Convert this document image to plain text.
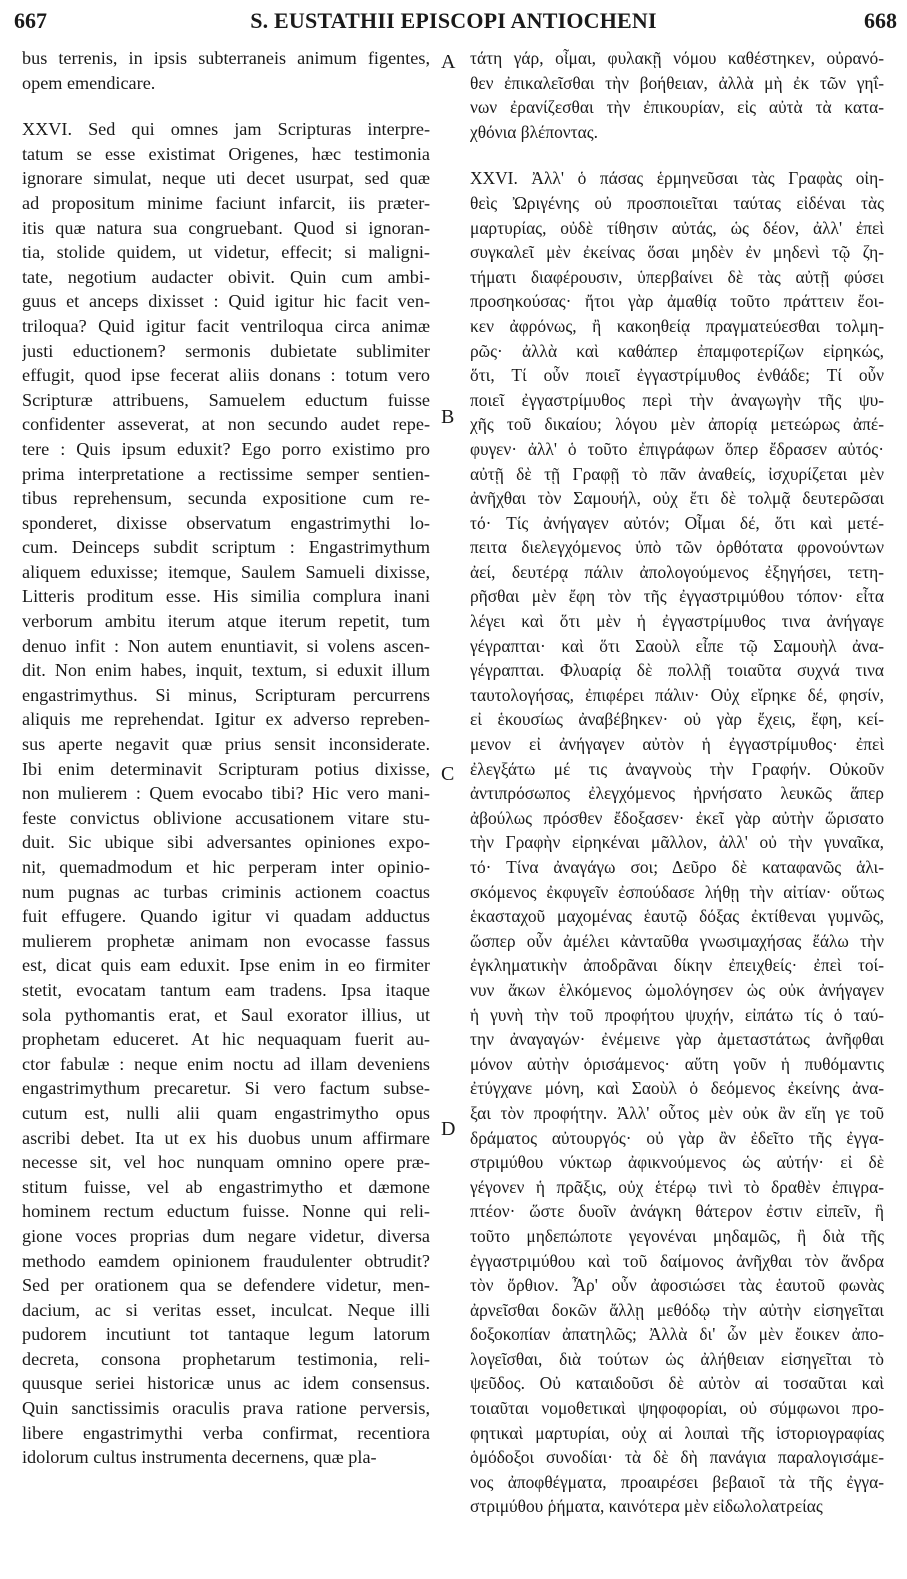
667	S. EUSTATHII EPISCOPI ANTIOCHENI	668

bus terrenis, in ipsis subterraneis animum figentes,
opem emendicare.

XXVI. Sed qui omnes jam Scripturas interpre-
tatum se esse existimat Origenes, hæc testimonia
ignorare simulat, neque uti decet usurpat, sed quæ
ad propositum minime faciunt infarcit, iis præter-
itis quæ natura sua congruebant. Quod si ignoran-
tia, stolide quidem, ut videtur, effecit; si maligni-
tate, negotium audacter obivit. Quin cum ambi-
guus et anceps dixisset : Quid igitur hic facit ven-
triloqua? Quid igitur facit ventriloqua circa animæ
justi eductionem? sermonis dubietate sublimiter
effugit, quod ipse fecerat aliis donans : totum vero
Scripturæ attribuens, Samuelem eductum fuisse
confidenter asseverat, at non secundo audet repe-
tere : Quis ipsum eduxit? Ego porro existimo pro
prima interpretatione a rectissime semper sentien-
tibus reprehensum, secunda expositione cum re-
sponderet, dixisse observatum engastrimythi lo-
cum. Deinceps subdit scriptum : Engastrimythum
aliquem eduxisse; itemque, Saulem Samueli dixisse,
Litteris proditum esse. His similia complura inani
verborum ambitu iterum atque iterum repetit, tum
denuo infit : Non autem enuntiavit, si volens ascen-
dit. Non enim habes, inquit, textum, si eduxit illum
engastrimythus. Si minus, Scripturam percurrens
aliquis me reprehendat. Igitur ex adverso repreben-
sus aperte negavit quæ prius sensit inconsiderate.
Ibi enim determinavit Scripturam potius dixisse,
non mulierem : Quem evocabo tibi? Hic vero mani-
feste convictus oblivione accusationem vitare stu-
duit. Sic ubique sibi adversantes opiniones expo-
nit, quemadmodum et hic perperam inter opinio-
num pugnas ac turbas criminis actionem coactus
fuit effugere. Quando igitur vi quadam adductus
mulierem prophetæ animam non evocasse fassus
est, dicat quis eam eduxit. Ipse enim in eo firmiter
stetit, evocatam tantum eam tradens. Ipsa itaque
sola pythomantis erat, et Saul exorator illius, ut
prophetam educeret. At hic nequaquam fuerit au-
ctor fabulæ : neque enim noctu ad illam deveniens
engastrimythum precaretur. Si vero factum subse-
cutum est, nulli alii quam engastrimytho opus
ascribi debet. Ita ut ex his duobus unum affirmare
necesse sit, vel hoc nunquam omnino opere præ-
stitum fuisse, vel ab engastrimytho et dæmone
hominem rectum eductum fuisse. Nonne qui reli-
gione voces proprias dum negare videtur, diversa
methodo eamdem opinionem fraudulenter obtrudit?
Sed per orationem qua se defendere videtur, men-
dacium, ac si veritas esset, inculcat. Neque illi
pudorem incutiunt tot tantaque legum latorum
decreta, consona prophetarum testimonia, reli-
quusque seriei historicæ unus ac idem consensus.
Quin sanctissimis oraculis prava ratione perversis,
libere engastrimythi verba confirmat, recentiora
idolorum cultus instrumenta decernens, quæ pla-

τάτη γάρ, οἶμαι, φυλακῇ νόμου καθέστηκεν, οὐρανό-
θεν ἐπικαλεῖσθαι τὴν βοήθειαν, ἀλλὰ μὴ ἐκ τῶν γηΐ-
νων ἐρανίζεσθαι τὴν ἐπικουρίαν, εἰς αὐτὰ τὰ κατα-
χθόνια βλέποντας.

XXVI. Ἀλλ' ὁ πάσας ἑρμηνεῦσαι τὰς Γραφὰς οἰη-
θεὶς Ὠριγένης οὐ προσποιεῖται ταύτας εἰδέναι τὰς
μαρτυρίας, οὐδὲ τίθησιν αὐτάς, ὡς δέον, ἀλλ' ἐπεὶ
συγκαλεῖ μὲν ἐκείνας ὅσαι μηδὲν ἐν μηδενὶ τῷ ζη-
τήματι διαφέρουσιν, ὑπερβαίνει δὲ τὰς αὐτῇ φύσει
προσηκούσας· ἤτοι γὰρ ἀμαθίᾳ τοῦτο πράττειν ἔοι-
κεν ἀφρόνως, ἢ κακοηθείᾳ πραγματεύεσθαι τολμη-
ρῶς· ἀλλὰ καὶ καθάπερ ἐπαμφοτερίζων εἰρηκώς,
ὅτι, Τί οὖν ποιεῖ ἐγγαστρίμυθος ἐνθάδε; Τί οὖν
ποιεῖ ἐγγαστρίμυθος περὶ τὴν ἀναγωγὴν τῆς ψυ-
χῆς τοῦ δικαίου; λόγου μὲν ἀπορίᾳ μετεώρως ἀπέ-
φυγεν· ἀλλ' ὁ τοῦτο ἐπιγράφων ὅπερ ἔδρασεν αὐτός·
αὐτῇ δὲ τῇ Γραφῇ τὸ πᾶν ἀναθείς, ἰσχυρίζεται μὲν
ἀνῆχθαι τὸν Σαμουήλ, οὐχ ἔτι δὲ τολμᾷ δευτερῶσαι
τό· Τίς ἀνήγαγεν αὐτόν; Οἶμαι δέ, ὅτι καὶ μετέ-
πειτα διελεγχόμενος ὑπὸ τῶν ὀρθότατα φρονούντων
ἀεί, δευτέρᾳ πάλιν ἀπολογούμενος ἐξηγήσει, τετη-
ρῆσθαι μὲν ἔφη τὸν τῆς ἐγγαστριμύθου τόπον· εἶτα
λέγει καὶ ὅτι μὲν ἡ ἐγγαστρίμυθος τινα ἀνήγαγε
γέγραπται· καὶ ὅτι Σαοὺλ εἶπε τῷ Σαμουὴλ ἀνα-
γέγραπται. Φλυαρίᾳ δὲ πολλῇ τοιαῦτα συχνά τινα
ταυτολογήσας, ἐπιφέρει πάλιν· Οὐχ εἴρηκε δέ, φησίν,
εἰ ἑκουσίως ἀναβέβηκεν· οὐ γὰρ ἔχεις, ἔφη, κεί-
μενον εἰ ἀνήγαγεν αὐτὸν ἡ ἐγγαστρίμυθος· ἐπεὶ
ἐλεγξάτω μέ τις ἀναγνοὺς τὴν Γραφήν. Οὐκοῦν
ἀντιπρόσωπος ἐλεγχόμενος ἠρνήσατο λευκῶς ἅπερ
ἀβούλως πρόσθεν ἔδοξασεν· ἐκεῖ γὰρ αὐτὴν ὥρισατο
τὴν Γραφὴν εἰρηκέναι μᾶλλον, ἀλλ' οὐ τὴν γυναῖκα,
τό· Τίνα ἀναγάγω σοι; Δεῦρο δὲ καταφανῶς ἁλι-
σκόμενος ἐκφυγεῖν ἐσπούδασε λήθῃ τὴν αἰτίαν· οὕτως
ἑκασταχοῦ μαχομένας ἑαυτῷ δόξας ἐκτίθεναι γυμνῶς,
ὥσπερ οὖν ἀμέλει κἀνταῦθα γνωσιμαχήσας ἔάλω τὴν
ἐγκληματικὴν ἀποδρᾶναι δίκην ἐπειχθείς· ἐπεὶ τοί-
νυν ἄκων ἑλκόμενος ὡμολόγησεν ὡς οὐκ ἀνήγαγεν
ἡ γυνὴ τὴν τοῦ προφήτου ψυχήν, εἰπάτω τίς ὁ ταύ-
την ἀναγαγών· ἐνέμεινε γὰρ ἀμεταστάτως ἀνῆφθαι
μόνον αὐτὴν ὁρισάμενος· αὕτη γοῦν ἡ πυθόμαντις
ἐτύγχανε μόνη, καὶ Σαοὺλ ὁ δεόμενος ἐκείνης ἀνα-
ξαι τὸν προφήτην. Ἀλλ' οὗτος μὲν οὐκ ἂν εἴη γε τοῦ
δράματος αὐτουργός· οὐ γὰρ ἂν ἐδεῖτο τῆς ἐγγα-
στριμύθου νύκτωρ ἀφικνούμενος ὡς αὐτήν· εἰ δὲ
γέγονεν ἡ πρᾶξις, οὐχ ἑτέρῳ τινὶ τὸ δραθὲν ἐπιγρα-
πτέον· ὥστε δυοῖν ἀνάγκη θάτερον ἐστιν εἰπεῖν, ἢ
τοῦτο μηδεπώποτε γεγονέναι μηδαμῶς, ἢ διὰ τῆς
ἐγγαστριμύθου καὶ τοῦ δαίμονος ἀνῆχθαι τὸν ἄνδρα
τὸν ὄρθιον. Ἆρ' οὖν ἀφοσιώσει τὰς ἑαυτοῦ φωνὰς
ἀρνεῖσθαι δοκῶν ἄλλῃ μεθόδῳ τὴν αὐτὴν εἰσηγεῖται
δοξοκοπίαν ἀπατηλῶς; Ἀλλὰ δι' ὧν μὲν ἔοικεν ἀπο-
λογεῖσθαι, διὰ τούτων ὡς ἀλήθειαν εἰσηγεῖται τὸ
ψεῦδος. Οὐ καταιδοῦσι δὲ αὐτὸν αἱ τοσαῦται καὶ
τοιαῦται νομοθετικαὶ ψηφοφορίαι, οὐ σύμφωνοι προ-
φητικαὶ μαρτυρίαι, οὐχ αἱ λοιπαὶ τῆς ἱστοριογραφίας
ὁμόδοξοι συνοδίαι· τὰ δὲ δὴ πανάγια παραλογισάμε-
νος ἀποφθέγματα, προαιρέσει βεβαιοῖ τὰ τῆς ἐγγα-
στριμύθου ῥήματα, καινότερα μὲν εἰδωλολατρείας

A
B
C
D
